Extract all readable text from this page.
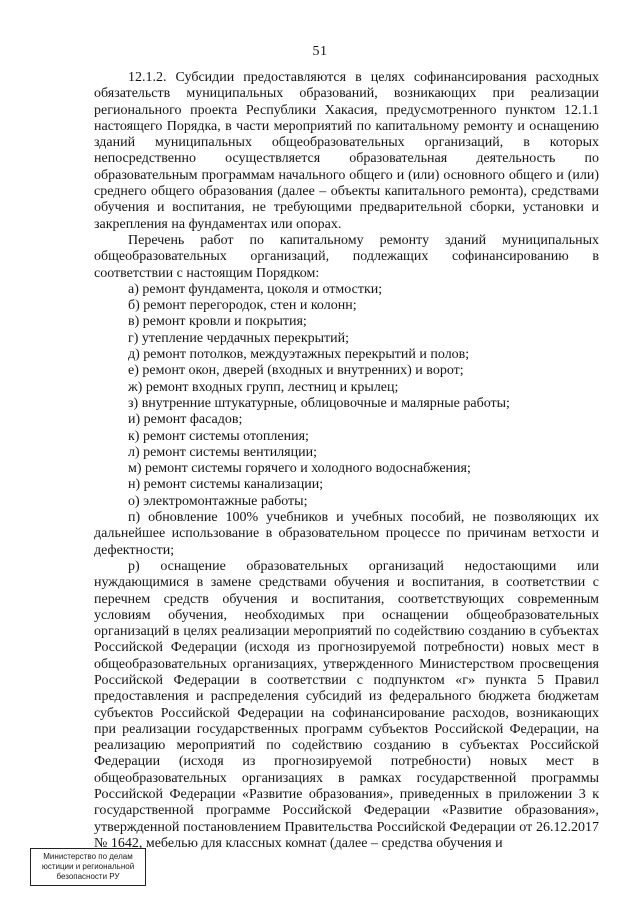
51

12.1.2. Субсидии предоставляются в целях софинансирования расходных обязательств муниципальных образований, возникающих при реализации регионального проекта Республики Хакасия, предусмотренного пунктом 12.1.1 настоящего Порядка, в части мероприятий по капитальному ремонту и оснащению зданий муниципальных общеобразовательных организаций, в которых непосредственно осуществляется образовательная деятельность по образовательным программам начального общего и (или) основного общего и (или) среднего общего образования (далее – объекты капитального ремонта), средствами обучения и воспитания, не требующими предварительной сборки, установки и закрепления на фундаментах или опорах.

Перечень работ по капитальному ремонту зданий муниципальных общеобразовательных организаций, подлежащих софинансированию в соответствии с настоящим Порядком:

а) ремонт фундамента, цоколя и отмостки;
б) ремонт перегородок, стен и колонн;
в) ремонт кровли и покрытия;
г) утепление чердачных перекрытий;
д) ремонт потолков, междуэтажных перекрытий и полов;
е) ремонт окон, дверей (входных и внутренних) и ворот;
ж) ремонт входных групп, лестниц и крылец;
з) внутренние штукатурные, облицовочные и малярные работы;
и) ремонт фасадов;
к) ремонт системы отопления;
л) ремонт системы вентиляции;
м) ремонт системы горячего и холодного водоснабжения;
н) ремонт системы канализации;
о) электромонтажные работы;
п) обновление 100% учебников и учебных пособий, не позволяющих их дальнейшее использование в образовательном процессе по причинам ветхости и дефектности;
р) оснащение образовательных организаций недостающими или нуждающимися в замене средствами обучения и воспитания, в соответствии с перечнем средств обучения и воспитания, соответствующих современным условиям обучения, необходимых при оснащении общеобразовательных организаций в целях реализации мероприятий по содействию созданию в субъектах Российской Федерации (исходя из прогнозируемой потребности) новых мест в общеобразовательных организациях, утвержденного Министерством просвещения Российской Федерации в соответствии с подпунктом «г» пункта 5 Правил предоставления и распределения субсидий из федерального бюджета бюджетам субъектов Российской Федерации на софинансирование расходов, возникающих при реализации государственных программ субъектов Российской Федерации, на реализацию мероприятий по содействию созданию в субъектах Российской Федерации (исходя из прогнозируемой потребности) новых мест в общеобразовательных организациях в рамках государственной программы Российской Федерации «Развитие образования», приведенных в приложении 3 к государственной программе Российской Федерации «Развитие образования», утвержденной постановлением Правительства Российской Федерации от 26.12.2017 № 1642, мебелью для классных комнат (далее – средства обучения и
Министерство по делам
юстиции и региональной
безопасности РУ
